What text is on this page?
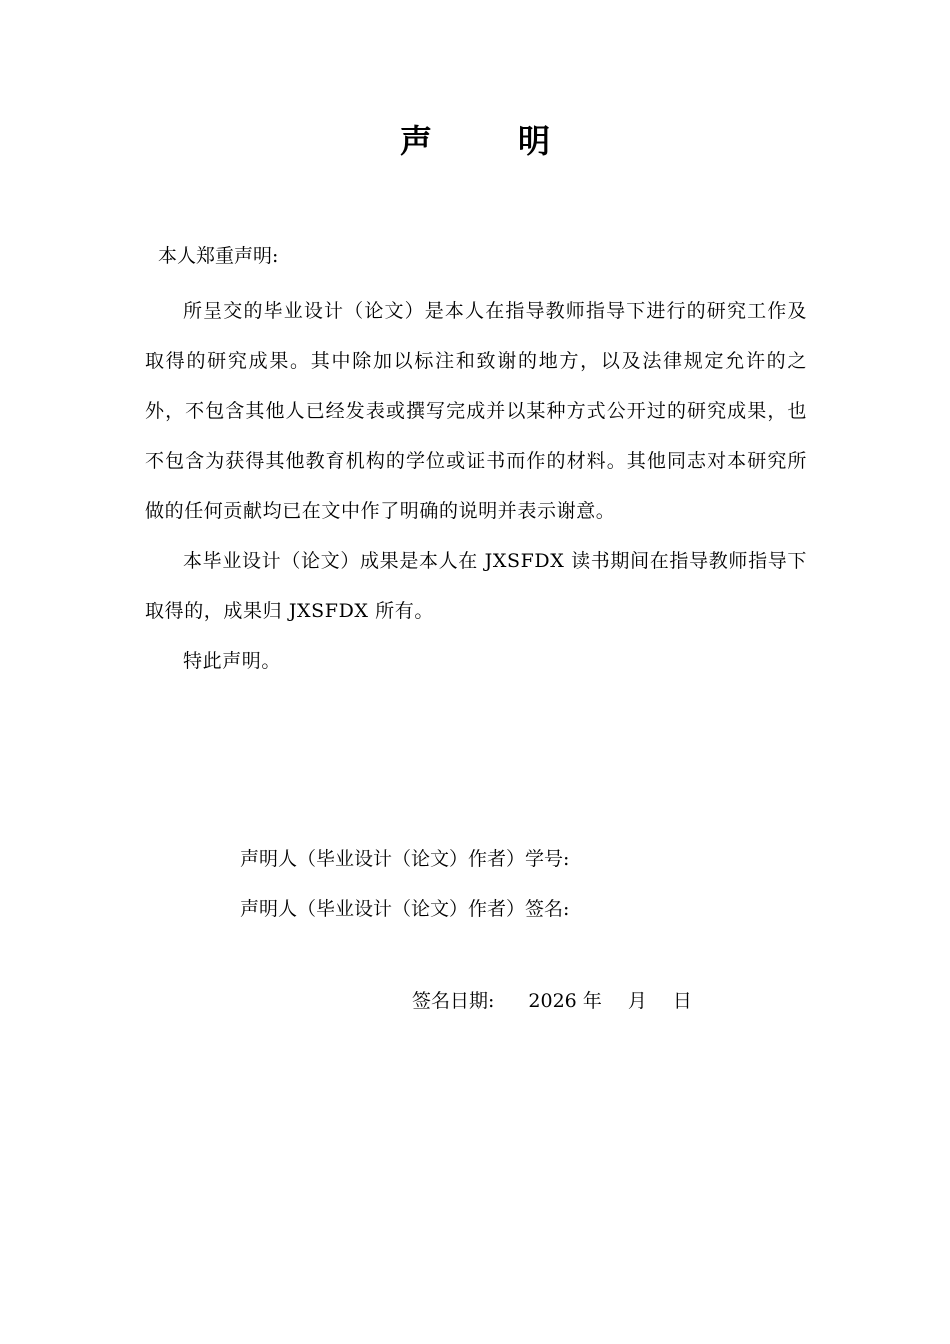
声	明
本人郑重声明:

所呈交的毕业设计（论文）是本人在指导教师指导下进行的研究工作及取得的研究成果。其中除加以标注和致谢的地方，以及法律规定允许的之外，不包含其他人已经发表或撰写完成并以某种方式公开过的研究成果，也不包含为获得其他教育机构的学位或证书而作的材料。其他同志对本研究所做的任何贡献均已在文中作了明确的说明并表示谢意。

本毕业设计（论文）成果是本人在 JXSFDX 读书期间在指导教师指导下取得的，成果归 JXSFDX 所有。

特此声明。

声明人（毕业设计（论文）作者）学号:
声明人（毕业设计（论文）作者）签名:
签名日期: 2026 年 月 日
